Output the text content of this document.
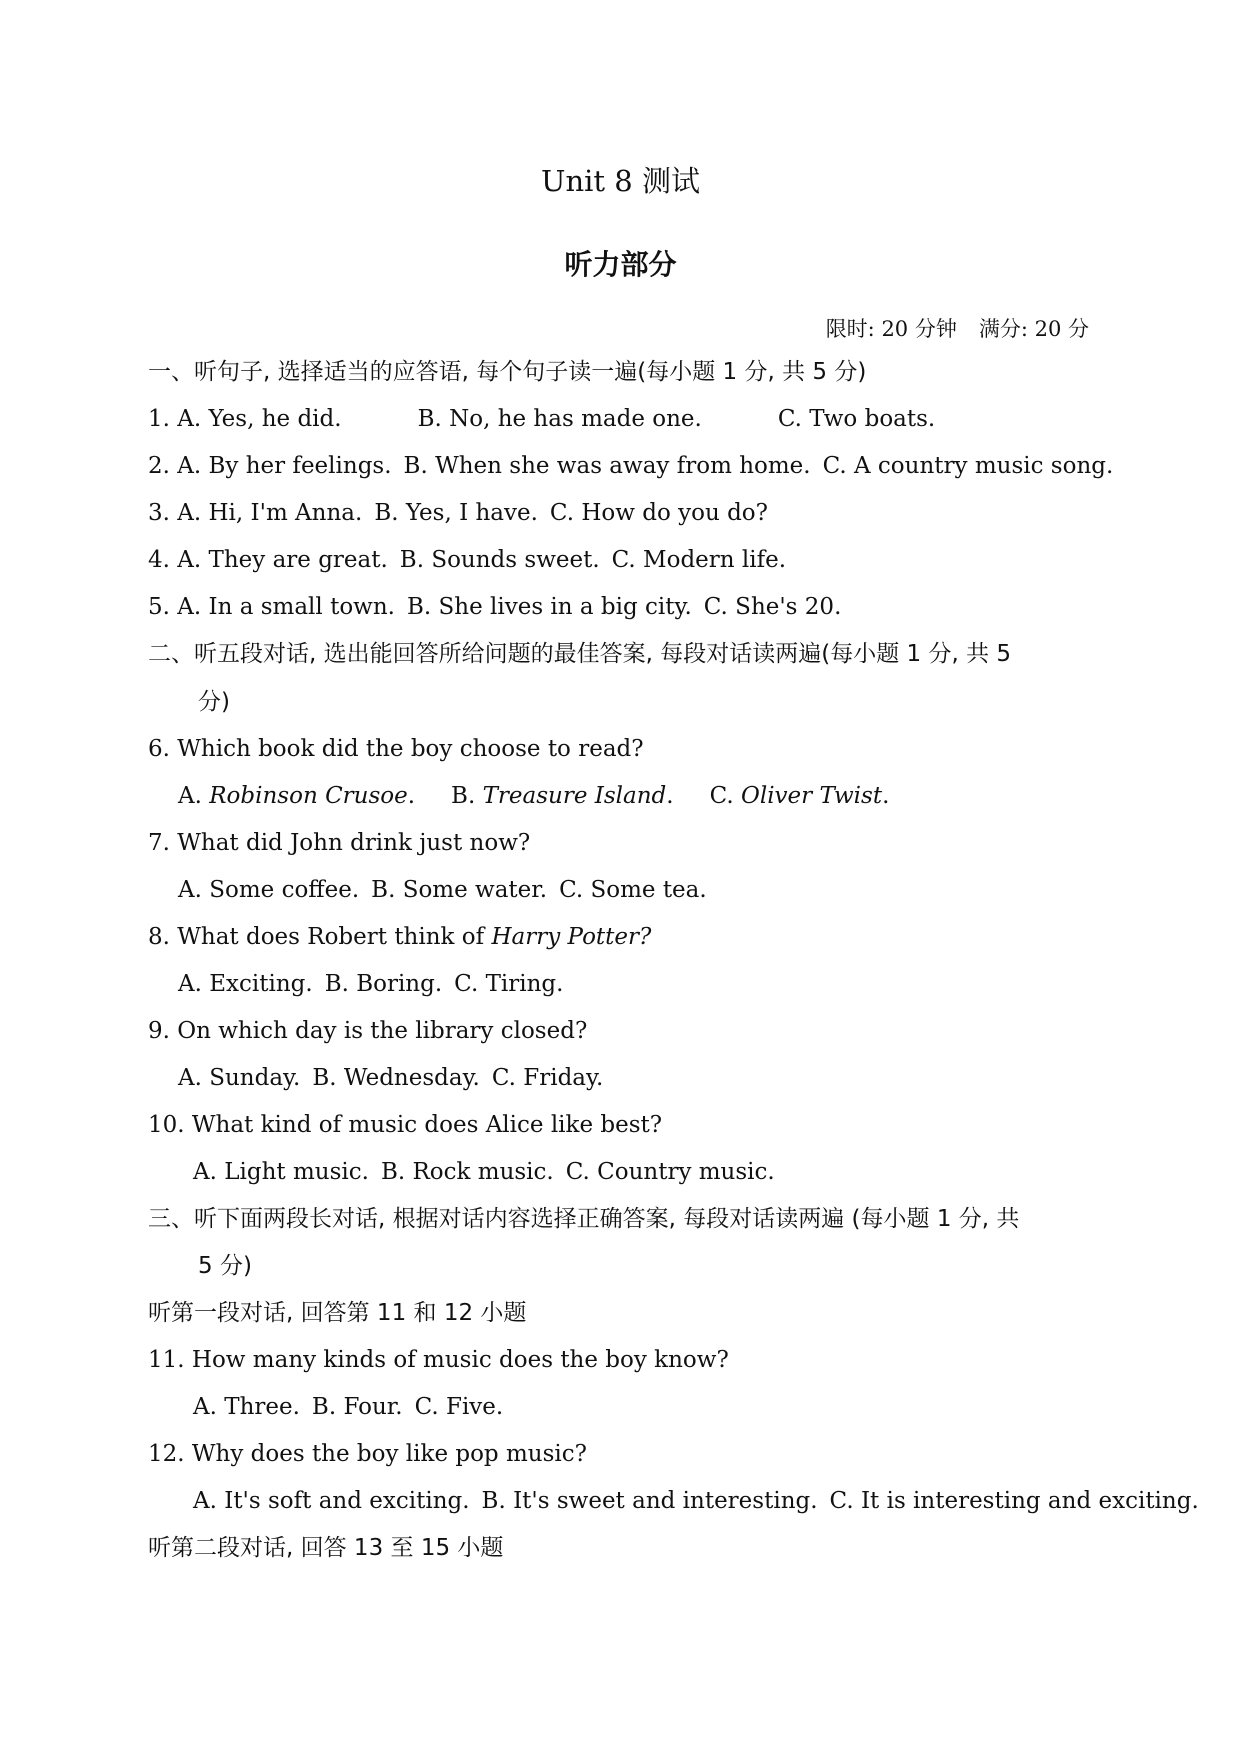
Unit 8 测试
听力部分
限时: 20 分钟 满分: 20 分
一、听句子, 选择适当的应答语, 每个句子读一遍(每小题 1 分, 共 5 分)
1. A. Yes, he did.	B. No, he has made one.	C. Two boats.
2. A. By her feelings. B. When she was away from home. C. A country music song.
3. A. Hi, I'm Anna. B. Yes, I have. C. How do you do?
4. A. They are great. B. Sounds sweet. C. Modern life.
5. A. In a small town. B. She lives in a big city. C. She's 20.
二、听五段对话, 选出能回答所给问题的最佳答案, 每段对话读两遍(每小题 1 分, 共 5
分)
6. Which book did the boy choose to read?
A. Robinson Crusoe. B. Treasure Island. C. Oliver Twist.
7. What did John drink just now?
A. Some coffee. B. Some water. C. Some tea.
8. What does Robert think of Harry Potter?
A. Exciting. B. Boring. C. Tiring.
9. On which day is the library closed?
A. Sunday. B. Wednesday. C. Friday.
10. What kind of music does Alice like best?
A. Light music. B. Rock music. C. Country music.
三、听下面两段长对话, 根据对话内容选择正确答案, 每段对话读两遍 (每小题 1 分, 共
5 分)
听第一段对话, 回答第 11 和 12 小题
11. How many kinds of music does the boy know?
A. Three. B. Four. C. Five.
12. Why does the boy like pop music?
A. It's soft and exciting. B. It's sweet and interesting. C. It is interesting and exciting.
听第二段对话, 回答 13 至 15 小题
